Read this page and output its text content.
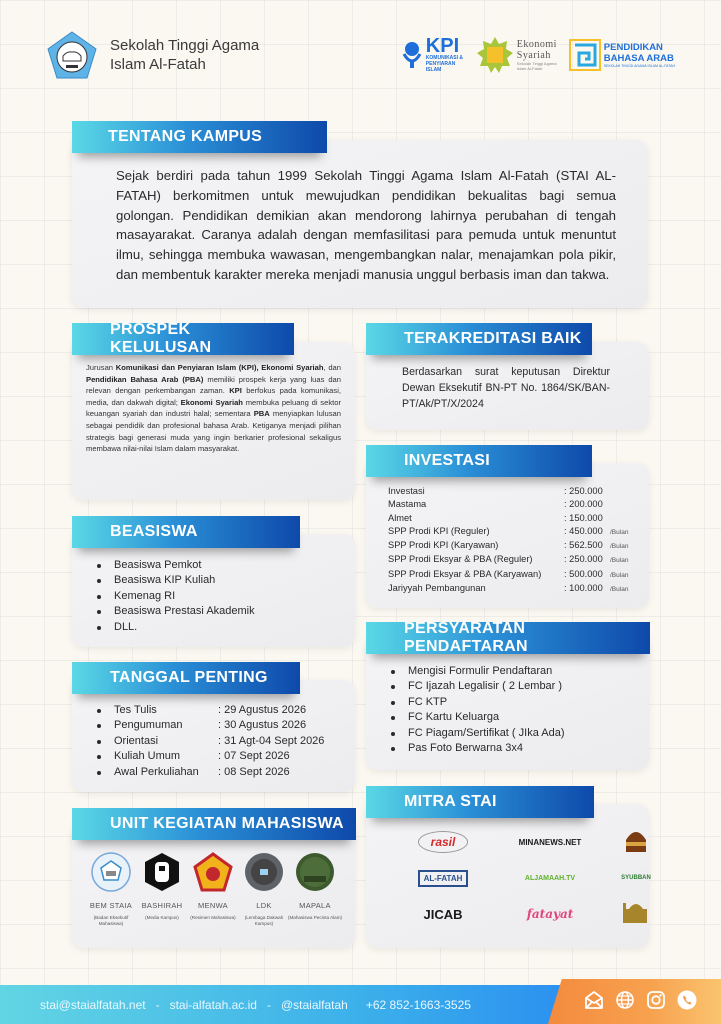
Sekolah Tinggi Agama
Islam Al-Fatah
KPI
KOMUNIKASI & PENYIARAN ISLAM
Ekonomi
Syariah
Sekolah Tinggi Agama Islam Al-Fatah
PENDIDIKAN
BAHASA ARAB
SEKOLAH TINGGI AGAMA ISLAM AL-FATAH
TENTANG KAMPUS
Sejak berdiri pada tahun 1999 Sekolah Tinggi Agama Islam Al-Fatah (STAI AL-FATAH) berkomitmen untuk mewujudkan pendidikan bekualitas bagi semua golongan. Pendidikan demikian akan mendorong lahirnya perubahan di tengah masayarakat. Caranya adalah dengan memfasilitasi para pemuda untuk menuntut ilmu, sehingga membuka wawasan, mengembangkan nalar, menajamkan pola pikir, dan membentuk karakter mereka menjadi manusia unggul berbasis iman dan takwa.
PROSPEK KELULUSAN
Jurusan Komunikasi dan Penyiaran Islam (KPI), Ekonomi Syariah, dan Pendidikan Bahasa Arab (PBA) memiliki prospek kerja yang luas dan relevan dengan perkembangan zaman. KPI berfokus pada komunikasi, media, dan dakwah digital; Ekonomi Syariah membuka peluang di sektor keuangan syariah dan industri halal; sementara PBA menyiapkan lulusan sebagai pendidik dan profesional bahasa Arab. Ketiganya menjadi pilihan strategis bagi generasi muda yang ingin berkarier profesional sekaligus membawa nilai-nilai Islam dalam masyarakat.
TERAKREDITASI BAIK
Berdasarkan surat keputusan Direktur Dewan Eksekutif BN-PT No. 1864/SK/BAN-PT/Ak/PT/X/2024
INVESTASI
Investasi	: 250.000
Mastama	: 200.000
Almet	: 150.000
SPP Prodi KPI (Reguler)	: 450.000	/Bulan
SPP Prodi KPI (Karyawan)	: 562.500	/Bulan
SPP Prodi Eksyar & PBA (Reguler)	: 250.000	/Bulan
SPP Prodi Eksyar & PBA (Karyawan)	: 500.000	/Bulan
Jariyyah Pembangunan	: 100.000	/Bulan
BEASISWA
Beasiswa Pemkot
Beasiswa KIP Kuliah
Kemenag RI
Beasiswa Prestasi Akademik
DLL.	PERSYARATAN PENDAFTARAN
Mengisi Formulir Pendaftaran
FC Ijazah Legalisir ( 2 Lembar )
FC KTP
FC Kartu Keluarga
FC Piagam/Sertifikat ( JIka Ada)
Pas Foto Berwarna 3x4
TANGGAL PENTING
Tes Tulis	: 29 Agustus 2026
Pengumuman	: 30 Agustus 2026
Orientasi	: 31 Agt-04 Sept 2026
Kuliah Umum	: 07 Sept 2026
Awal Perkuliahan	: 08 Sept 2026
UNIT KEGIATAN MAHASISWA
BEM STAIA
(Badan Eksekutif Mahasiswa)
BASHIRAH
(Media Kampus)
MENWA
(Resimen Mahasiswa)
LDK
(Lembaga Dakwah Kampus)
MAPALA
(Mahasiswa Pecinta Alam)
MITRA STAI
rasil	MINANEWS.NET
AL-FATAH	ALJAMAAH.TV	SYUBBAN
JICAB	fatayat
stai@staialfatah.net - stai-alfatah.ac.id - @staialfatah +62 852-1663-3525
